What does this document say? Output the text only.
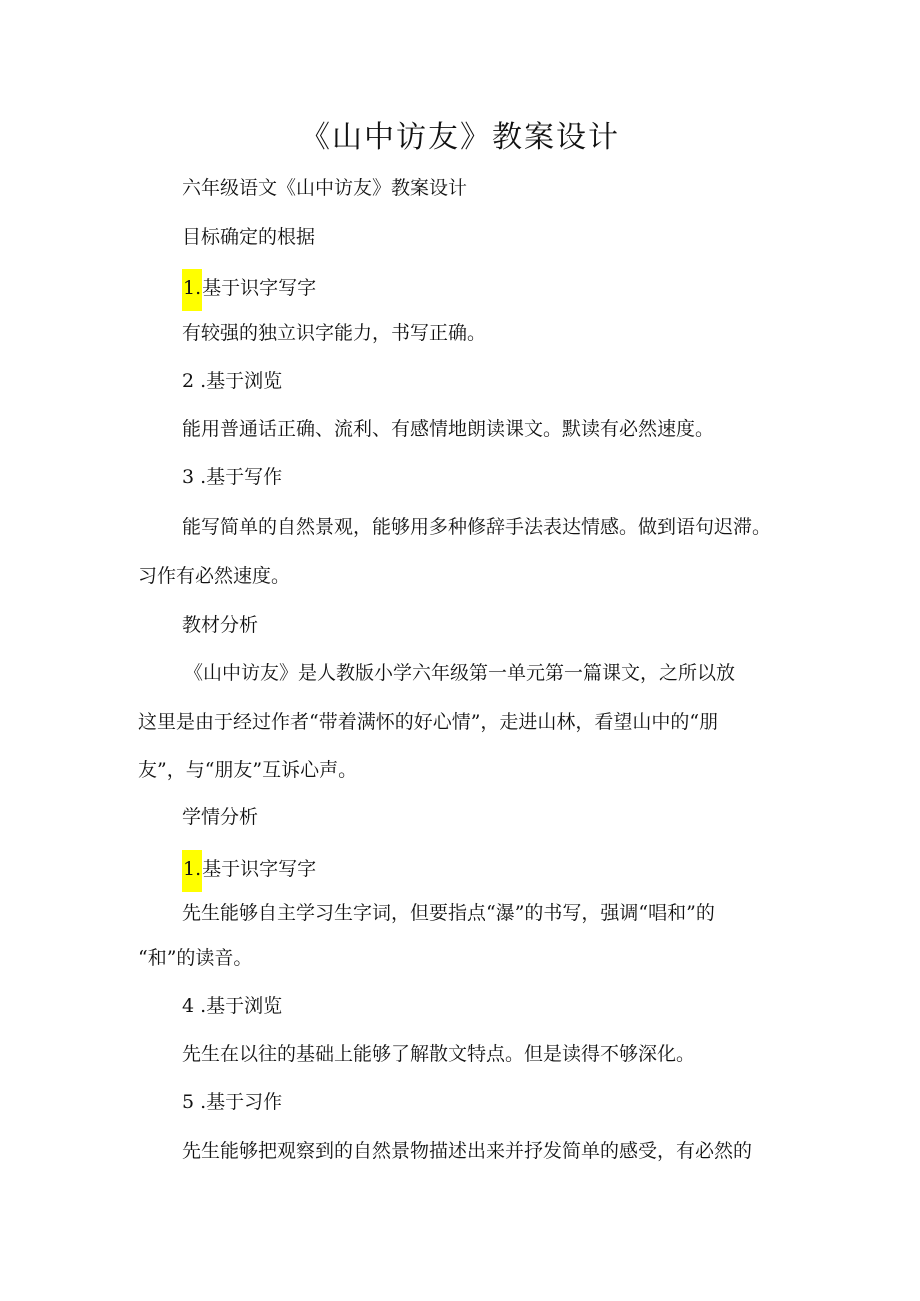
《山中访友》教案设计

六年级语文《山中访友》教案设计

目标确定的根据

1.基于识字写字

有较强的独立识字能力，书写正确。

2 .基于浏览

能用普通话正确、流利、有感情地朗读课文。默读有必然速度。

3 .基于写作

能写简单的自然景观，能够用多种修辞手法表达情感。做到语句迟滞。

习作有必然速度。

教材分析

《山中访友》是人教版小学六年级第一单元第一篇课文，之所以放

这里是由于经过作者“带着满怀的好心情”，走进山林，看望山中的“朋

友”，与“朋友”互诉心声。

学情分析

1.基于识字写字

先生能够自主学习生字词，但要指点“瀑”的书写，强调“唱和”的

“和”的读音。

4 .基于浏览

先生在以往的基础上能够了解散文特点。但是读得不够深化。

5 .基于习作

先生能够把观察到的自然景物描述出来并抒发简单的感受，有必然的
